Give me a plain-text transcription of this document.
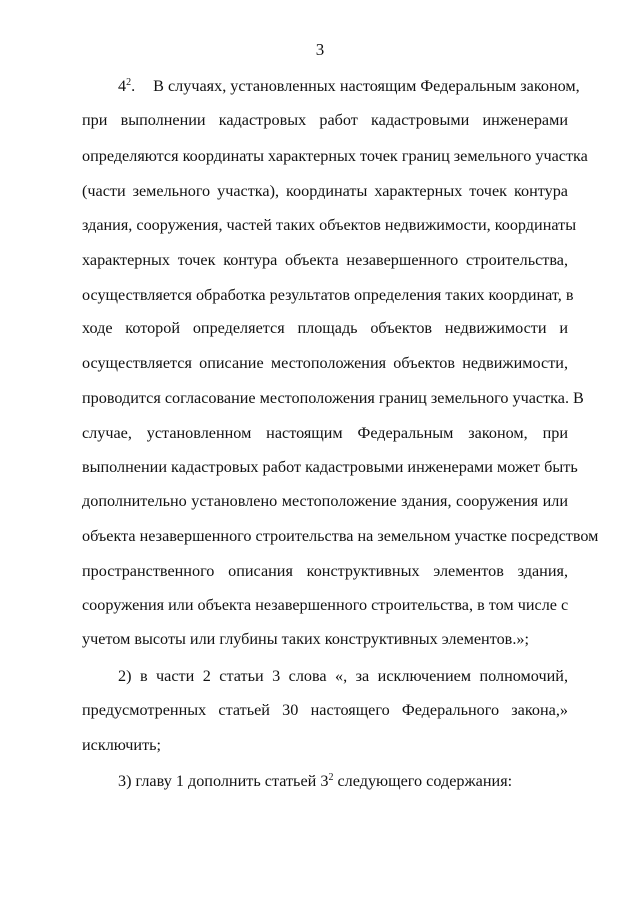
3
$4^2$. В случаях, установленных настоящим Федеральным законом,
при выполнении кадастровых работ кадастровыми инженерами
определяются координаты характерных точек границ земельного участка
(части земельного участка), координаты характерных точек контура
здания, сооружения, частей таких объектов недвижимости, координаты
характерных точек контура объекта незавершенного строительства,
осуществляется обработка результатов определения таких координат, в
ходе которой определяется площадь объектов недвижимости и
осуществляется описание местоположения объектов недвижимости,
проводится согласование местоположения границ земельного участка. В
случае, установленном настоящим Федеральным законом, при
выполнении кадастровых работ кадастровыми инженерами может быть
дополнительно установлено местоположение здания, сооружения или
объекта незавершенного строительства на земельном участке посредством
пространственного описания конструктивных элементов здания,
сооружения или объекта незавершенного строительства, в том числе с
учетом высоты или глубины таких конструктивных элементов.»;
2) в части 2 статьи 3 слова «, за исключением полномочий,
предусмотренных статьей 30 настоящего Федерального закона,»
исключить;
3) главу 1 дополнить статьей $3^2$ следующего содержания:
